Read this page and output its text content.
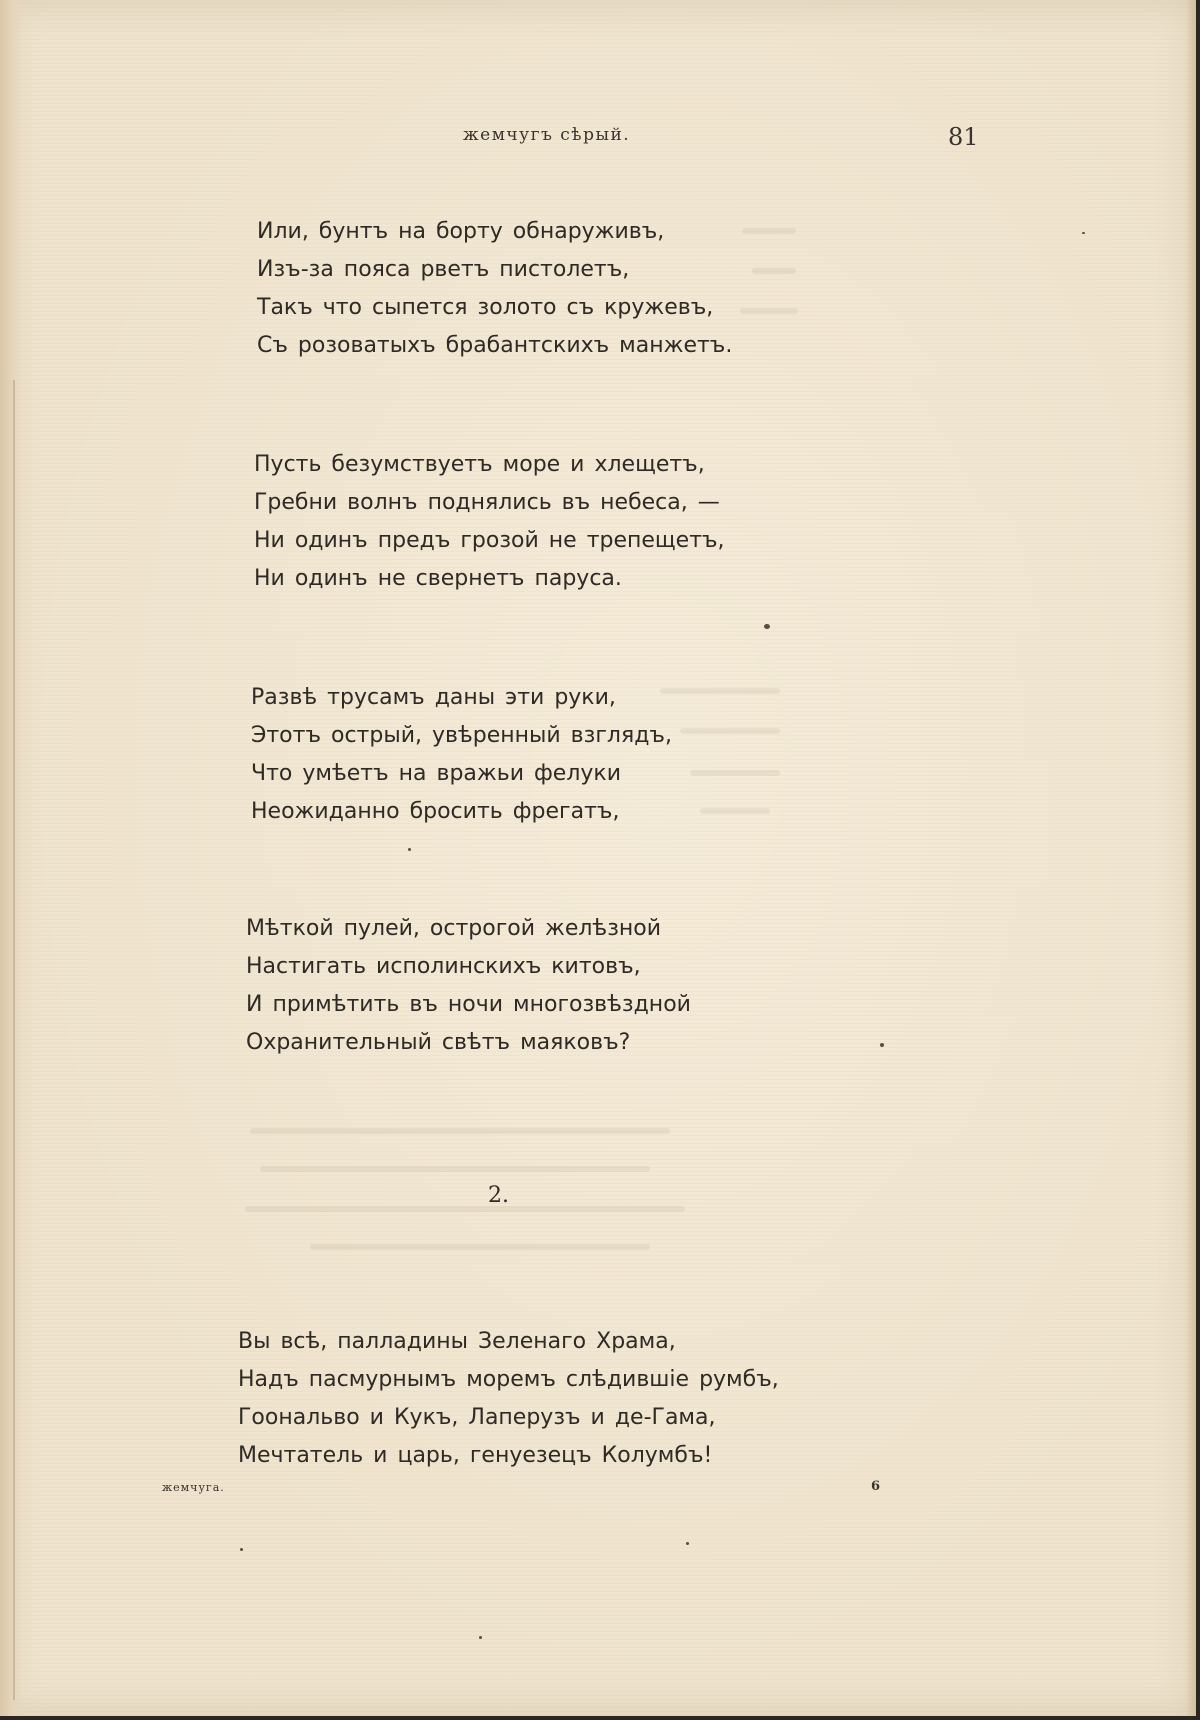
жемчугъ сѣрый.	81
Или, бунтъ на борту обнаруживъ,
Изъ-за пояса рветъ пистолетъ,
Такъ что сыпется золото съ кружевъ,
Съ розоватыхъ брабантскихъ манжетъ.
Пусть безумствуетъ море и хлещетъ,
Гребни волнъ поднялись въ небеса, —
Ни одинъ предъ грозой не трепещетъ,
Ни одинъ не свернетъ паруса.
Развѣ трусамъ даны эти руки,
Этотъ острый, увѣренный взглядъ,
Что умѣетъ на вражьи фелуки
Неожиданно бросить фрегатъ,
Мѣткой пулей, острогой желѣзной
Настигать исполинскихъ китовъ,
И примѣтить въ ночи многозвѣздной
Охранительный свѣтъ маяковъ?
2.
Вы всѣ, палладины Зеленаго Храма,
Надъ пасмурнымъ моремъ слѣдившіе румбъ,
Гоональво и Кукъ, Лаперузъ и де-Гама,
Мечтатель и царь, генуезецъ Колумбъ!
жемчуга.	6
